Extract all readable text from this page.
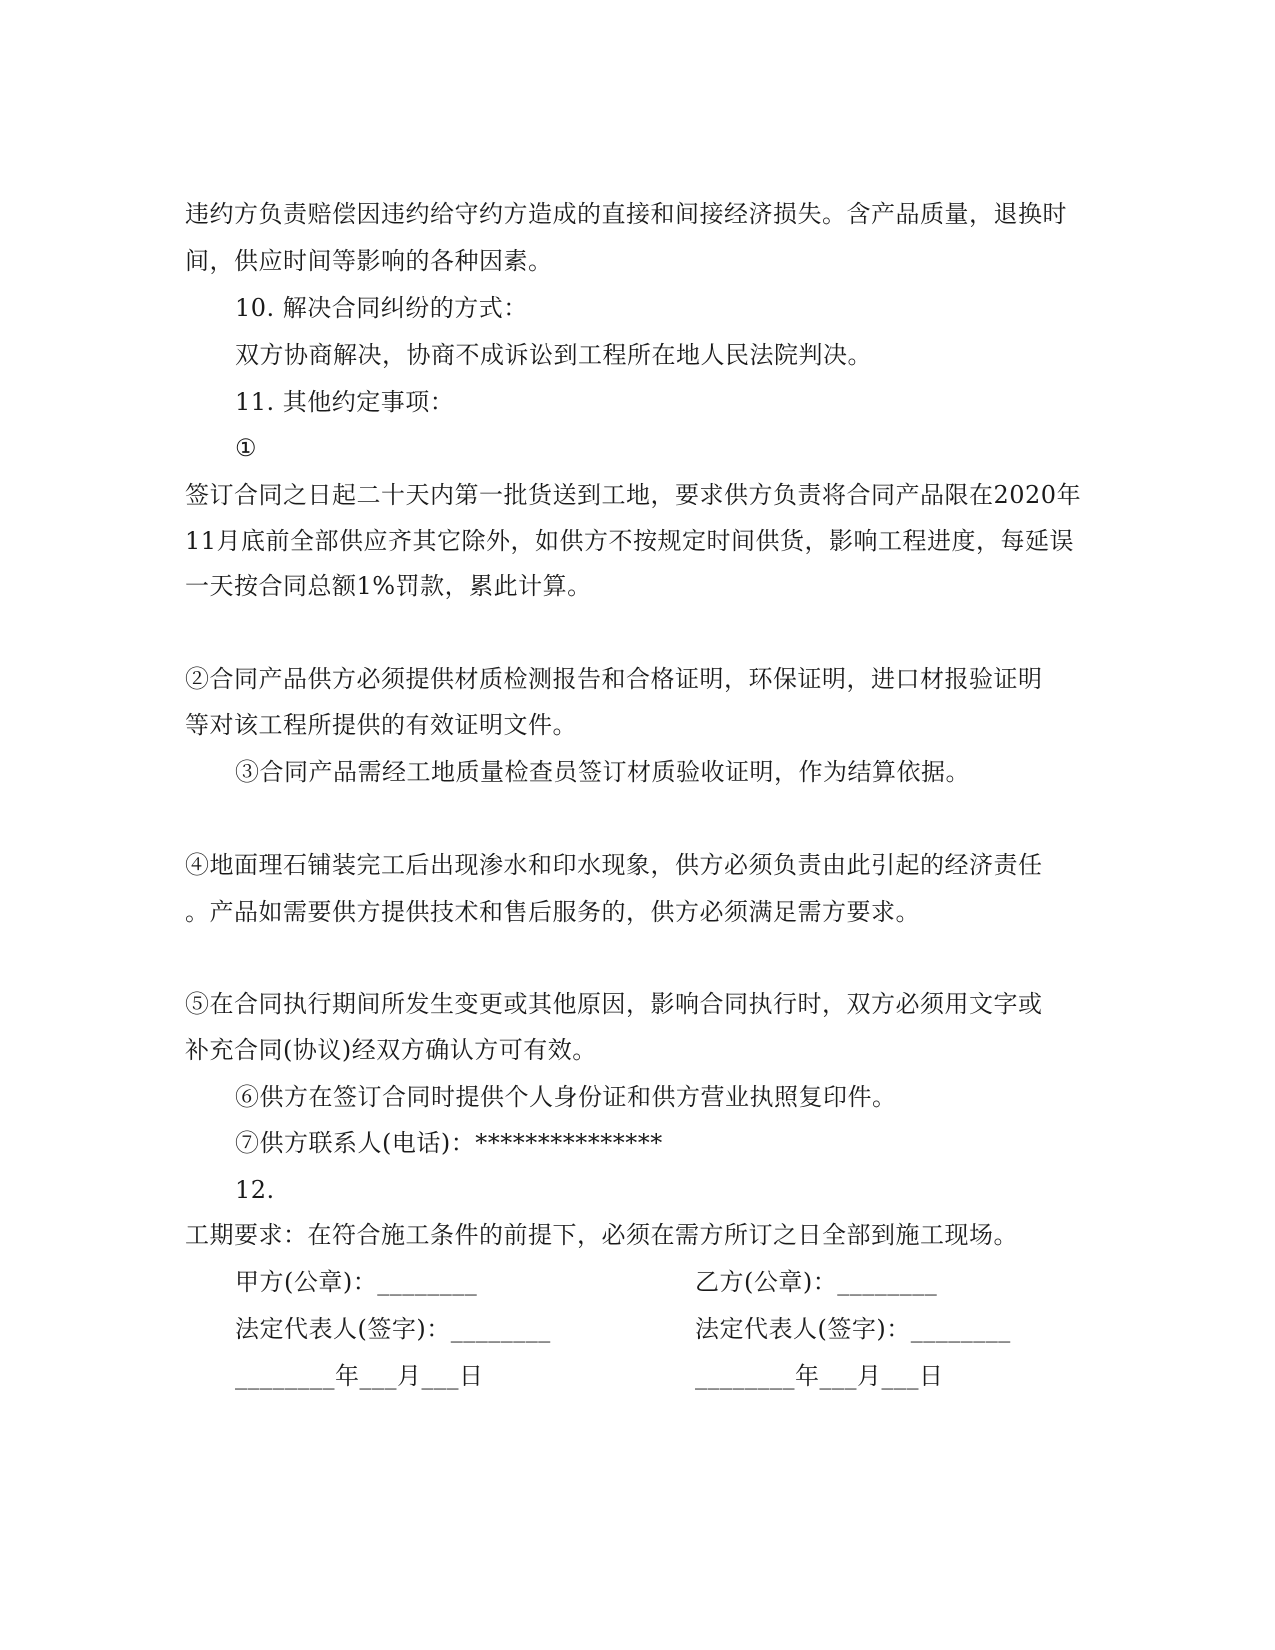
违约方负责赔偿因违约给守约方造成的直接和间接经济损失。含产品质量，退换时
间，供应时间等影响的各种因素。
10. 解决合同纠纷的方式：
双方协商解决，协商不成诉讼到工程所在地人民法院判决。
11. 其他约定事项：
①
签订合同之日起二十天内第一批货送到工地，要求供方负责将合同产品限在2020年
11月底前全部供应齐其它除外，如供方不按规定时间供货，影响工程进度，每延误
一天按合同总额1%罚款，累此计算。
②合同产品供方必须提供材质检测报告和合格证明，环保证明，进口材报验证明
等对该工程所提供的有效证明文件。
③合同产品需经工地质量检查员签订材质验收证明，作为结算依据。
④地面理石铺装完工后出现渗水和印水现象，供方必须负责由此引起的经济责任
。产品如需要供方提供技术和售后服务的，供方必须满足需方要求。
⑤在合同执行期间所发生变更或其他原因，影响合同执行时，双方必须用文字或
补充合同(协议)经双方确认方可有效。
⑥供方在签订合同时提供个人身份证和供方营业执照复印件。
⑦供方联系人(电话)：***************
12.
工期要求：在符合施工条件的前提下，必须在需方所订之日全部到施工现场。
甲方(公章)：________	乙方(公章)：________
法定代表人(签字)：________	法定代表人(签字)：________
________年___月___日	________年___月___日
